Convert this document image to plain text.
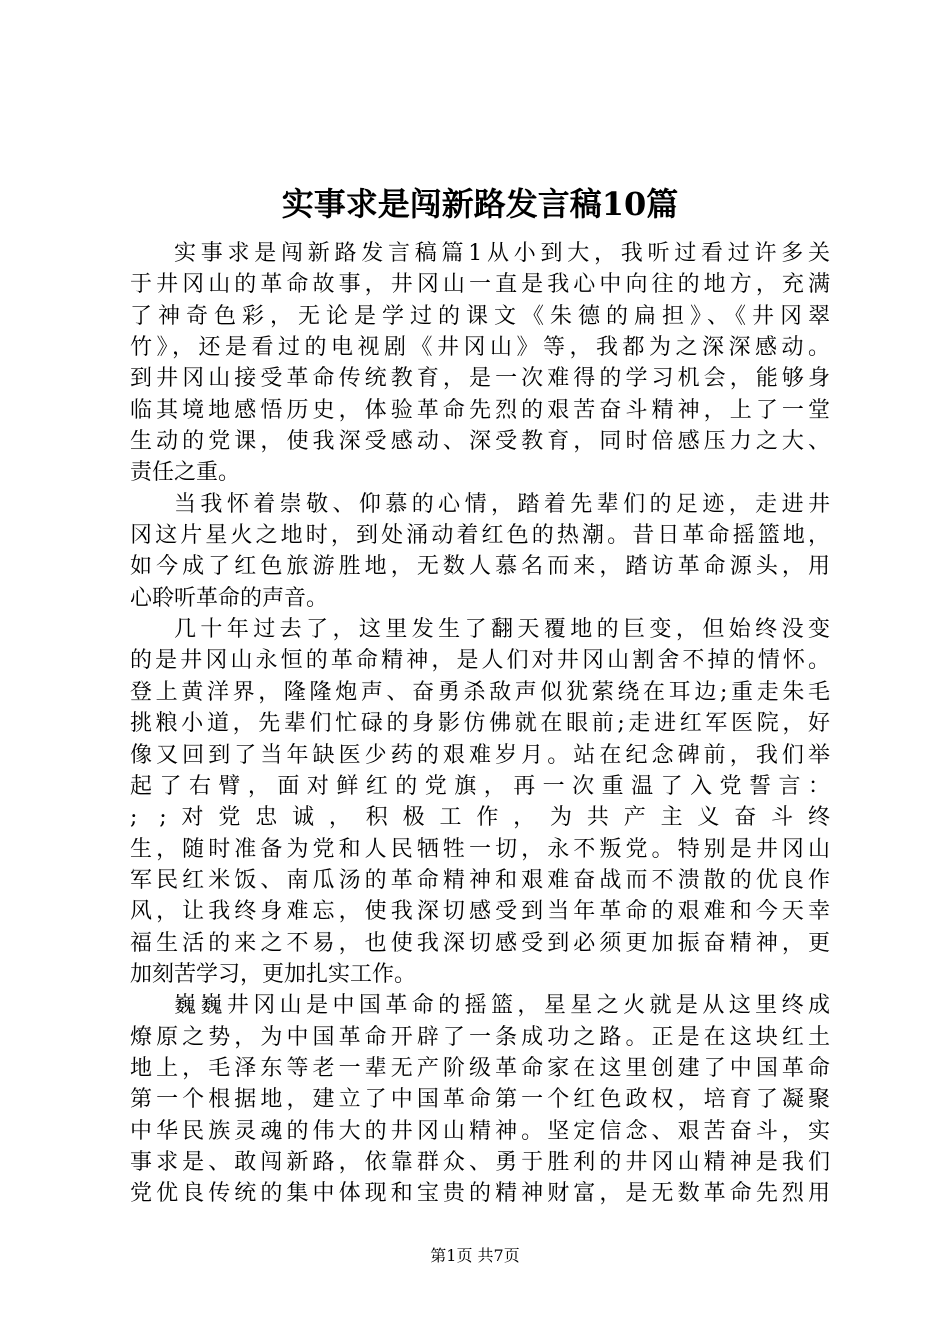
实事求是闯新路发言稿10篇
实事求是闯新路发言稿篇1从小到大，我听过看过许多关
于井冈山的革命故事，井冈山一直是我心中向往的地方，充满
了神奇色彩，无论是学过的课文《朱德的扁担》、《井冈翠
竹》，还是看过的电视剧《井冈山》等，我都为之深深感动。
到井冈山接受革命传统教育，是一次难得的学习机会，能够身
临其境地感悟历史，体验革命先烈的艰苦奋斗精神，上了一堂
生动的党课，使我深受感动、深受教育，同时倍感压力之大、
责任之重。
当我怀着崇敬、仰慕的心情，踏着先辈们的足迹，走进井
冈这片星火之地时，到处涌动着红色的热潮。昔日革命摇篮地，
如今成了红色旅游胜地，无数人慕名而来，踏访革命源头，用
心聆听革命的声音。
几十年过去了，这里发生了翻天覆地的巨变，但始终没变
的是井冈山永恒的革命精神，是人们对井冈山割舍不掉的情怀。
登上黄洋界，隆隆炮声、奋勇杀敌声似犹萦绕在耳边;重走朱毛
挑粮小道，先辈们忙碌的身影仿佛就在眼前;走进红军医院，好
像又回到了当年缺医少药的艰难岁月。站在纪念碑前，我们举
起了右臂，面对鲜红的党旗，再一次重温了入党誓言：
; ;对党忠诚，积极工作，为共产主义奋斗终
生，随时准备为党和人民牺牲一切，永不叛党。特别是井冈山
军民红米饭、南瓜汤的革命精神和艰难奋战而不溃散的优良作
风，让我终身难忘，使我深切感受到当年革命的艰难和今天幸
福生活的来之不易，也使我深切感受到必须更加振奋精神，更
加刻苦学习，更加扎实工作。
巍巍井冈山是中国革命的摇篮，星星之火就是从这里终成
燎原之势，为中国革命开辟了一条成功之路。正是在这块红土
地上，毛泽东等老一辈无产阶级革命家在这里创建了中国革命
第一个根据地，建立了中国革命第一个红色政权，培育了凝聚
中华民族灵魂的伟大的井冈山精神。坚定信念、艰苦奋斗，实
事求是、敢闯新路，依靠群众、勇于胜利的井冈山精神是我们
党优良传统的集中体现和宝贵的精神财富，是无数革命先烈用
第1页 共7页
